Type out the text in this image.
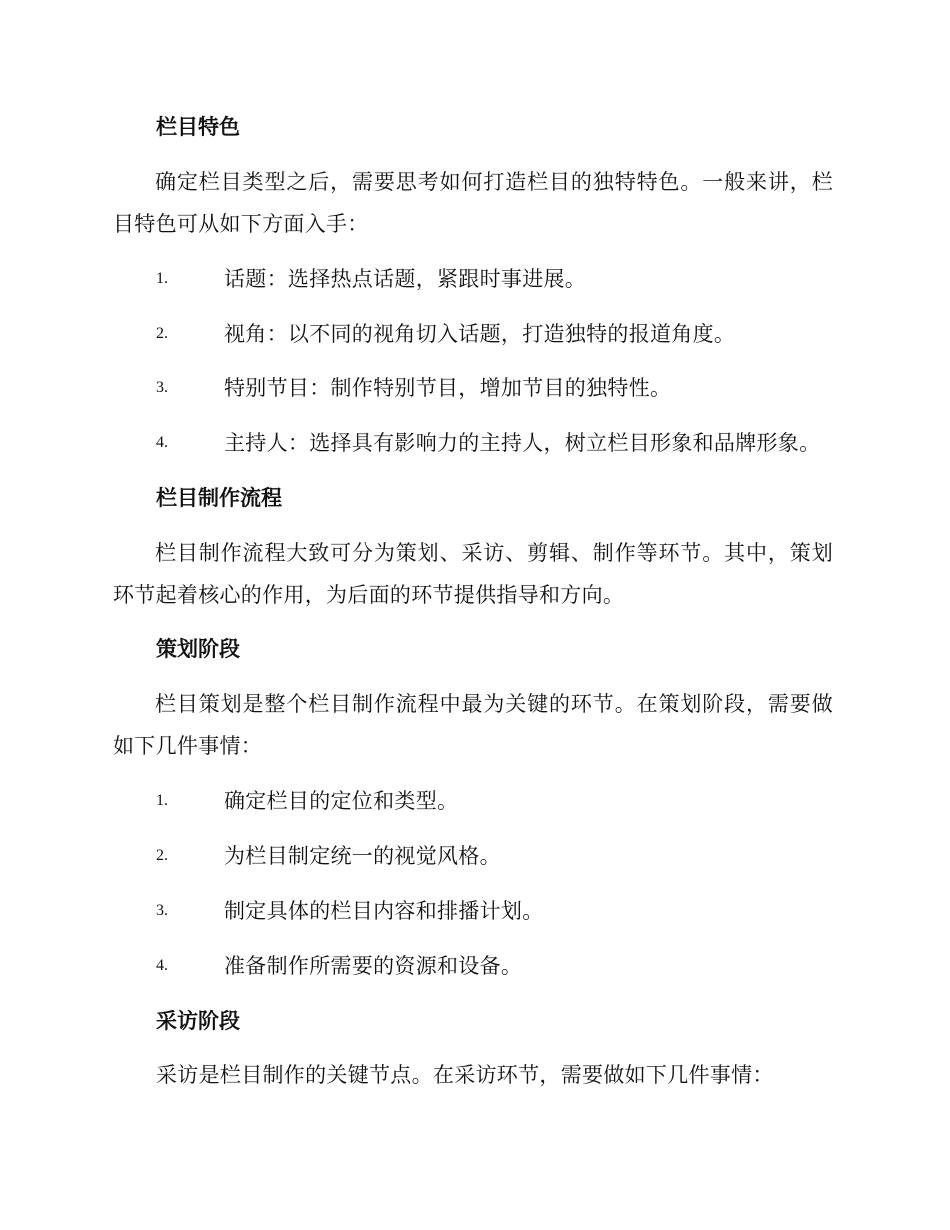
栏目特色
确定栏目类型之后，需要思考如何打造栏目的独特特色。一般来讲，栏目特色可从如下方面入手：
1.	话题：选择热点话题，紧跟时事进展。
2.	视角：以不同的视角切入话题，打造独特的报道角度。
3.	特别节目：制作特别节目，增加节目的独特性。
4.	主持人：选择具有影响力的主持人，树立栏目形象和品牌形象。
栏目制作流程
栏目制作流程大致可分为策划、采访、剪辑、制作等环节。其中，策划环节起着核心的作用，为后面的环节提供指导和方向。
策划阶段
栏目策划是整个栏目制作流程中最为关键的环节。在策划阶段，需要做如下几件事情：
1.	确定栏目的定位和类型。
2.	为栏目制定统一的视觉风格。
3.	制定具体的栏目内容和排播计划。
4.	准备制作所需要的资源和设备。
采访阶段
采访是栏目制作的关键节点。在采访环节，需要做如下几件事情：
